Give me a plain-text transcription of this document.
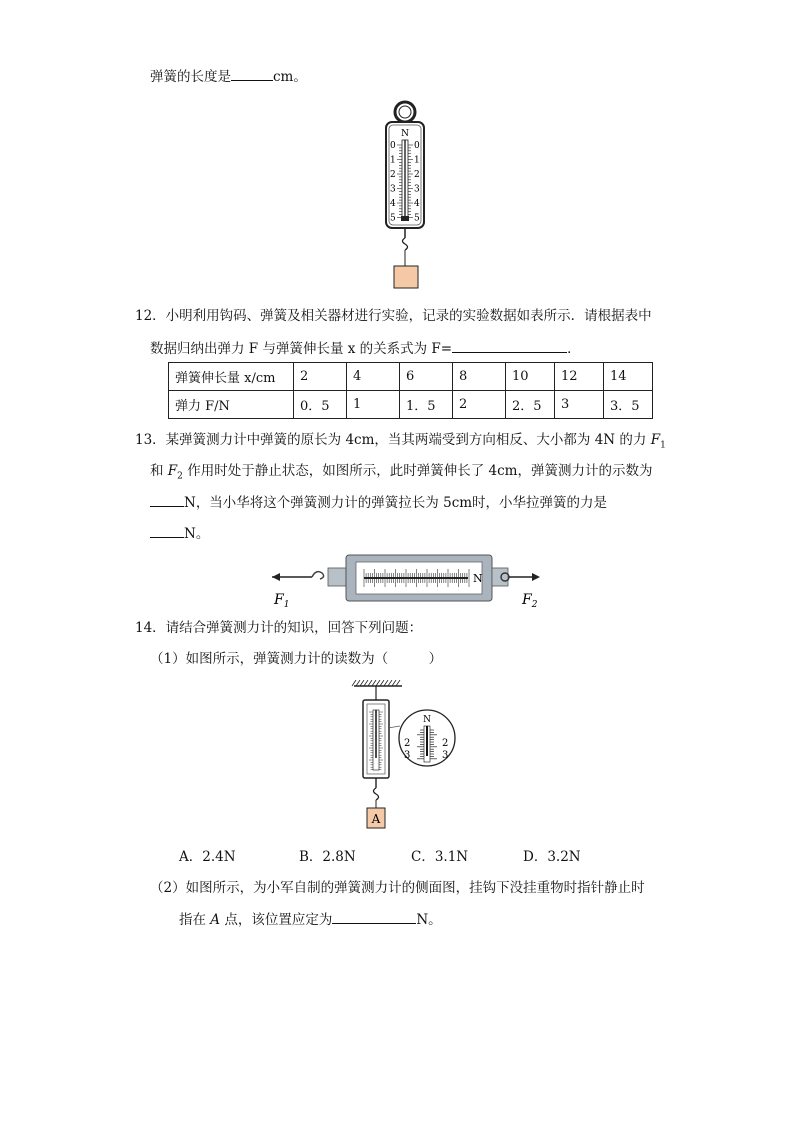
弹簧的长度是	cm。
N
0 0
1 1
2 2
3 3
4 4
5 5
12．小明利用钩码、弹簧及相关器材进行实验，记录的实验数据如表所示．请根据表中
数据归纳出弹力 F 与弹簧伸长量 x 的关系式为 F=	．
弹簧伸长量 x/cm	2	4	6	8	10	12	14
弹力 F/N	0．5	1	1．5	2	2．5	3	3．5
13．某弹簧测力计中弹簧的原长为 4cm，当其两端受到方向相反、大小都为 4N 的力 $F_1$
和 $F_2$ 作用时处于静止状态，如图所示，此时弹簧伸长了 4cm，弹簧测力计的示数为
N，当小华将这个弹簧测力计的弹簧拉长为 5cm时，小华拉弹簧的力是
N。
N
$F_1$	$F_2$
14．请结合弹簧测力计的知识，回答下列问题：
（1）如图所示，弹簧测力计的读数为（　　　）
N
2
3
2
3
A
A．2.4N	B．2.8N	C．3.1N	D．3.2N
（2）如图所示，为小军自制的弹簧测力计的侧面图，挂钩下没挂重物时指针静止时
指在 A 点，该位置应定为	N。
